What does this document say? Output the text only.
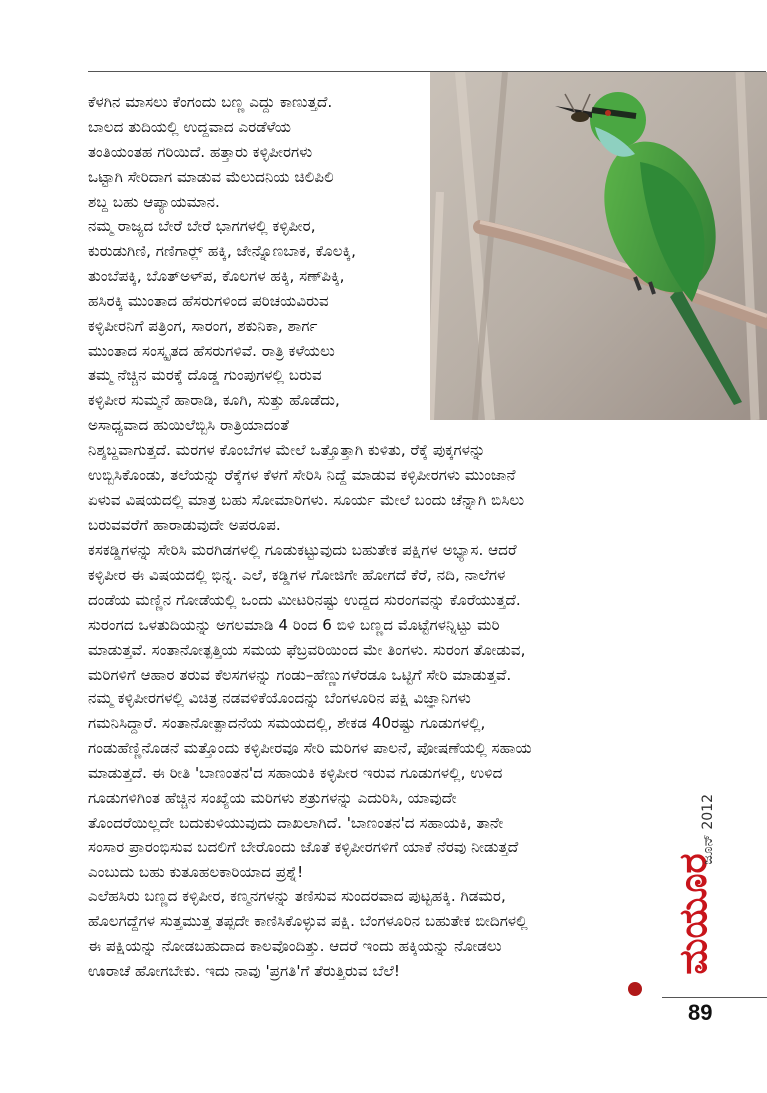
ಕೆಳಗಿನ ಮಾಸಲು ಕೆಂಗಂದು ಬಣ್ಣ ಎದ್ದು ಕಾಣುತ್ತದೆ.
ಬಾಲದ ತುದಿಯಲ್ಲಿ ಉದ್ದವಾದ ಎರಡೆಳೆಯ
ತಂತಿಯಂತಹ ಗರಿಯಿದೆ. ಹತ್ತಾರು ಕಳ್ಳಿಪೀರಗಳು
ಒಟ್ಟಾಗಿ ಸೇರಿದಾಗ ಮಾಡುವ ಮೆಲುದನಿಯ ಚಿಲಿಪಿಲಿ
ಶಬ್ದ ಬಹು ಆಪ್ಯಾಯಮಾನ.

ನಮ್ಮ ರಾಜ್ಯದ ಬೇರೆ ಬೇರೆ ಭಾಗಗಳಲ್ಲಿ ಕಳ್ಳಿಪೀರ,
ಕುರುಡುಗಿಣಿ, ಗಣಿಗಾರ್‍ಲ್ ಹಕ್ಕಿ, ಜೇನ್ನೊಣಬಾಕ, ಕೊಲಕ್ಕಿ,
ತುಂಬೆಪಕ್ಕಿ, ಬೊತ್‍ಅಳ್‍ಪ, ಕೊಲಗಳ ಹಕ್ಕಿ, ಸಣ್‍ಪಿಕ್ಕಿ,
ಹಸಿರಕ್ಕಿ ಮುಂತಾದ ಹೆಸರುಗಳಿಂದ ಪರಿಚಯವಿರುವ
ಕಳ್ಳಿಪೀರನಿಗೆ ಪತ್ರಿಂಗ, ಸಾರಂಗ, ಶಕುನಿಕಾ, ಶಾರ್ಗ
ಮುಂತಾದ ಸಂಸ್ಕೃತದ ಹೆಸರುಗಳಿವೆ. ರಾತ್ರಿ ಕಳೆಯಲು
ತಮ್ಮ ನೆಚ್ಚಿನ ಮರಕ್ಕೆ ದೊಡ್ಡ ಗುಂಪುಗಳಲ್ಲಿ ಬರುವ
ಕಳ್ಳಿಪೀರ ಸುಮ್ಮನೆ ಹಾರಾಡಿ, ಕೂಗಿ, ಸುತ್ತು ಹೊಡೆದು,
ಅಸಾಧ್ಯವಾದ ಹುಯಿಲೆಬ್ಬಿಸಿ ರಾತ್ರಿಯಾದಂತೆ

ನಿಶ್ಶಬ್ದವಾಗುತ್ತದೆ. ಮರಗಳ ಕೊಂಬೆಗಳ ಮೇಲೆ ಒತ್ತೊತ್ತಾಗಿ ಕುಳಿತು, ರೆಕ್ಕೆ ಪುಕ್ಕಗಳನ್ನು
ಉಬ್ಬಿಸಿಕೊಂಡು, ತಲೆಯನ್ನು ರೆಕ್ಕೆಗಳ ಕೆಳಗೆ ಸೇರಿಸಿ ನಿದ್ದೆ ಮಾಡುವ ಕಳ್ಳಿಪೀರಗಳು ಮುಂಜಾನೆ
ಏಳುವ ವಿಷಯದಲ್ಲಿ ಮಾತ್ರ ಬಹು ಸೋಮಾರಿಗಳು. ಸೂರ್ಯ ಮೇಲೆ ಬಂದು ಚೆನ್ನಾಗಿ ಬಿಸಿಲು
ಬರುವವರೆಗೆ ಹಾರಾಡುವುದೇ ಅಪರೂಪ.

ಕಸಕಡ್ಡಿಗಳನ್ನು ಸೇರಿಸಿ ಮರಗಿಡಗಳಲ್ಲಿ ಗೂಡುಕಟ್ಟುವುದು ಬಹುತೇಕ ಪಕ್ಷಿಗಳ ಅಭ್ಯಾಸ. ಆದರೆ
ಕಳ್ಳಿಪೀರ ಈ ವಿಷಯದಲ್ಲಿ ಭಿನ್ನ. ಎಲೆ, ಕಡ್ಡಿಗಳ ಗೋಜಿಗೇ ಹೋಗದೆ ಕೆರೆ, ನದಿ, ನಾಲೆಗಳ
ದಂಡೆಯ ಮಣ್ಣಿನ ಗೋಡೆಯಲ್ಲಿ ಒಂದು ಮೀಟರಿನಷ್ಟು ಉದ್ದದ ಸುರಂಗವನ್ನು ಕೊರೆಯುತ್ತದೆ.
ಸುರಂಗದ ಒಳತುದಿಯನ್ನು ಅಗಲಮಾಡಿ 4 ರಿಂದ 6 ಬಿಳಿ ಬಣ್ಣದ ಮೊಟ್ಟೆಗಳನ್ನಿಟ್ಟು ಮರಿ
ಮಾಡುತ್ತವೆ. ಸಂತಾನೋತ್ಪತ್ತಿಯ ಸಮಯ ಫೆಬ್ರವರಿಯಿಂದ ಮೇ ತಿಂಗಳು. ಸುರಂಗ ತೋಡುವ,
ಮರಿಗಳಿಗೆ ಆಹಾರ ತರುವ ಕೆಲಸಗಳನ್ನು ಗಂಡು–ಹೆಣ್ಣುಗಳೆರಡೂ ಒಟ್ಟಿಗೆ ಸೇರಿ ಮಾಡುತ್ತವೆ.

ನಮ್ಮ ಕಳ್ಳಿಪೀರಗಳಲ್ಲಿ ವಿಚಿತ್ರ ನಡವಳಿಕೆಯೊಂದನ್ನು ಬೆಂಗಳೂರಿನ ಪಕ್ಷಿ ವಿಜ್ಞಾನಿಗಳು
ಗಮನಿಸಿದ್ದಾರೆ. ಸಂತಾನೋತ್ಪಾದನೆಯ ಸಮಯದಲ್ಲಿ, ಶೇಕಡ 40ರಷ್ಟು ಗೂಡುಗಳಲ್ಲಿ,
ಗಂಡುಹೆಣ್ಣಿನೊಡನೆ ಮತ್ತೊಂದು ಕಳ್ಳಿಪೀರವೂ ಸೇರಿ ಮರಿಗಳ ಪಾಲನೆ, ಪೋಷಣೆಯಲ್ಲಿ ಸಹಾಯ
ಮಾಡುತ್ತದೆ. ಈ ರೀತಿ 'ಬಾಣಂತನ'ದ ಸಹಾಯಕಿ ಕಳ್ಳಿಪೀರ ಇರುವ ಗೂಡುಗಳಲ್ಲಿ, ಉಳಿದ
ಗೂಡುಗಳಿಗಿಂತ ಹೆಚ್ಚಿನ ಸಂಖ್ಯೆಯ ಮರಿಗಳು ಶತ್ರುಗಳನ್ನು ಎದುರಿಸಿ, ಯಾವುದೇ
ತೊಂದರೆಯಿಲ್ಲದೇ ಬದುಕುಳಿಯುವುದು ದಾಖಲಾಗಿದೆ. 'ಬಾಣಂತನ'ದ ಸಹಾಯಕಿ, ತಾನೇ
ಸಂಸಾರ ಪ್ರಾರಂಭಿಸುವ ಬದಲಿಗೆ ಬೇರೊಂದು ಜೊತೆ ಕಳ್ಳಿಪೀರಗಳಿಗೆ ಯಾಕೆ ನೆರವು ನೀಡುತ್ತದೆ
ಎಂಬುದು ಬಹು ಕುತೂಹಲಕಾರಿಯಾದ ಪ್ರಶ್ನೆ!

ಎಲೆಹಸಿರು ಬಣ್ಣದ ಕಳ್ಳಿಪೀರ, ಕಣ್ಮನಗಳನ್ನು ತಣಿಸುವ ಸುಂದರವಾದ ಪುಟ್ಟಹಕ್ಕಿ. ಗಿಡಮರ,
ಹೊಲಗದ್ದೆಗಳ ಸುತ್ತಮುತ್ತ ತಪ್ಪದೇ ಕಾಣಿಸಿಕೊಳ್ಳುವ ಪಕ್ಷಿ. ಬೆಂಗಳೂರಿನ ಬಹುತೇಕ ಬೀದಿಗಳಲ್ಲಿ
ಈ ಪಕ್ಷಿಯನ್ನು ನೋಡಬಹುದಾದ ಕಾಲವೊಂದಿತ್ತು. ಆದರೆ ಇಂದು ಹಕ್ಕಿಯನ್ನು ನೋಡಲು
ಊರಾಚೆ ಹೋಗಬೇಕು. ಇದು ನಾವು 'ಪ್ರಗತಿ'ಗೆ ತೆರುತ್ತಿರುವ ಬೆಲೆ!	ಮಯೂರ
ಜೂನ್ 2012
89
